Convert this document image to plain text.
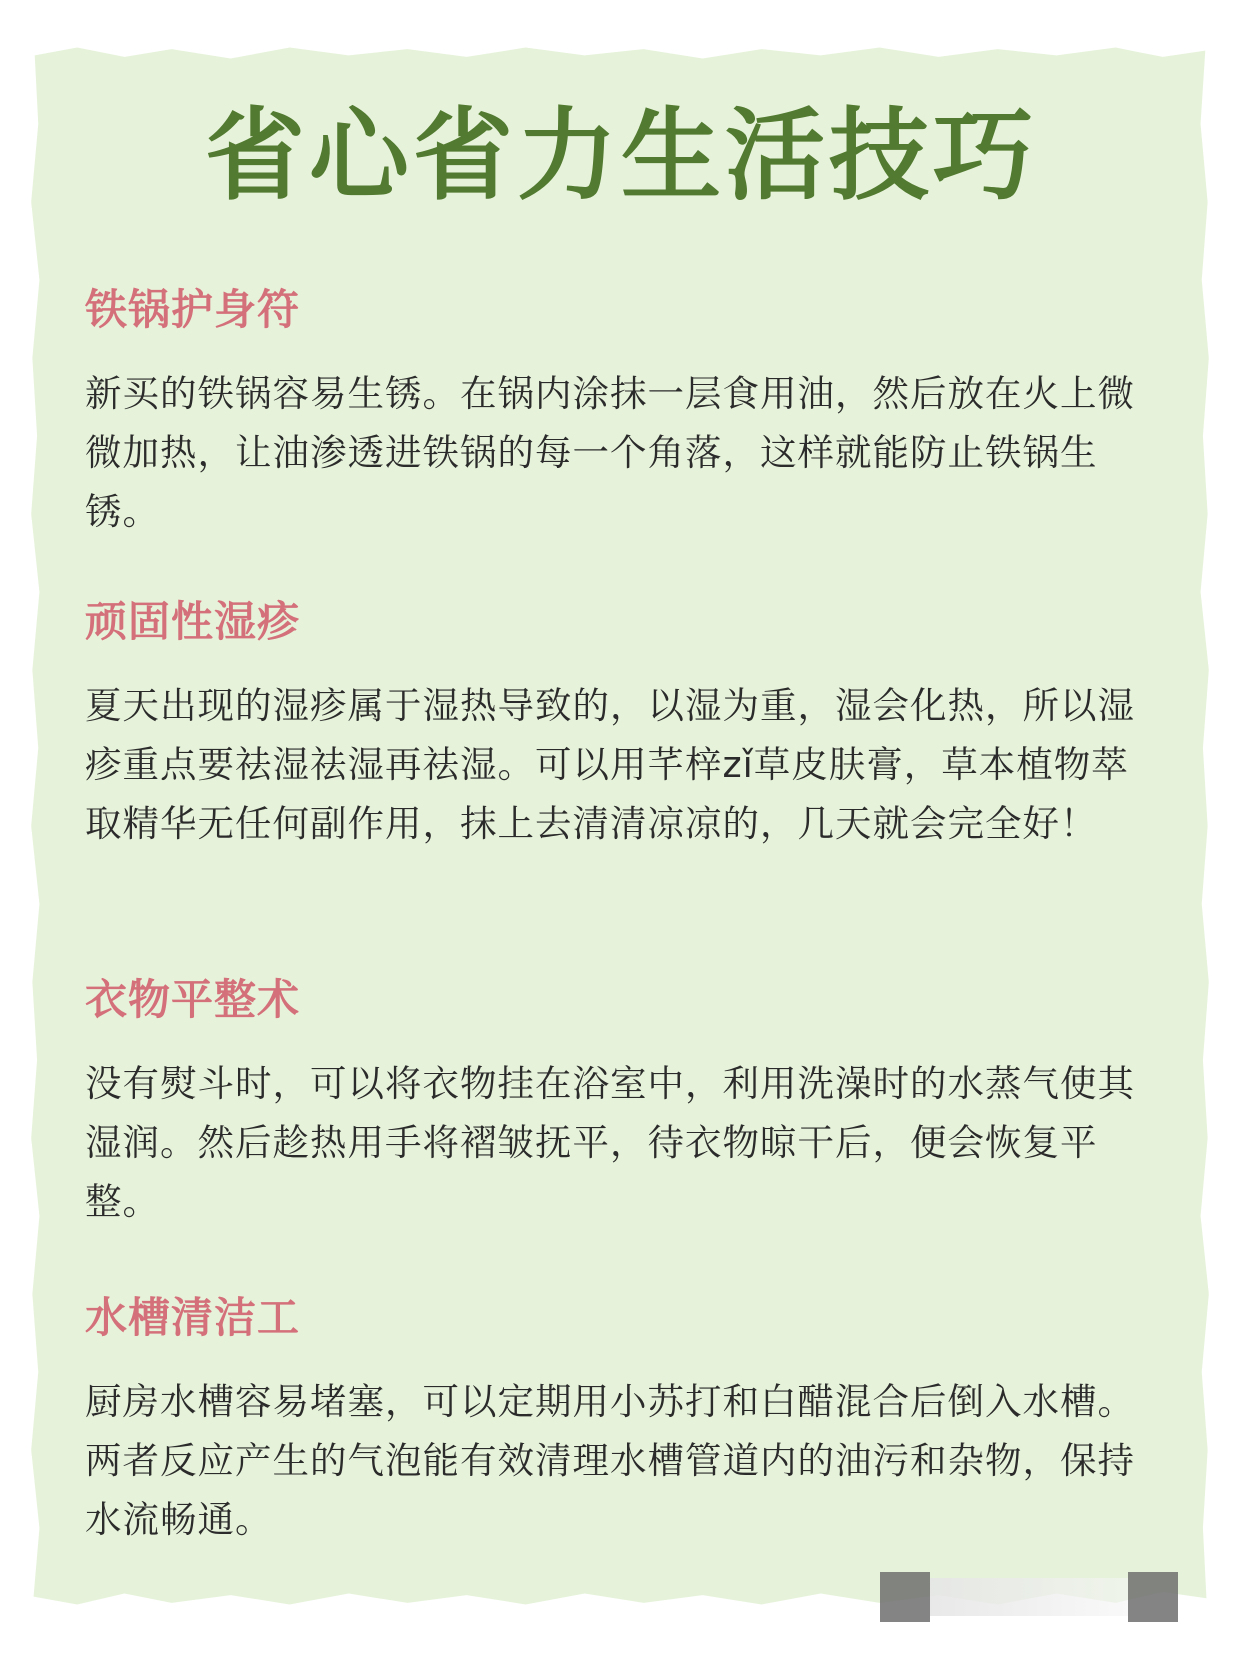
省心省力生活技巧
铁锅护身符

新买的铁锅容易生锈。在锅内涂抹一层食用油，然后放在火上微微加热，让油渗透进铁锅的每一个角落，这样就能防止铁锅生锈。

顽固性湿疹

夏天出现的湿疹属于湿热导致的，以湿为重，湿会化热，所以湿疹重点要祛湿祛湿再祛湿。可以用芊梓zǐ草皮肤膏，草本植物萃取精华无任何副作用，抹上去清清凉凉的，几天就会完全好！

衣物平整术

没有熨斗时，可以将衣物挂在浴室中，利用洗澡时的水蒸气使其湿润。然后趁热用手将褶皱抚平，待衣物晾干后，便会恢复平整。

水槽清洁工

厨房水槽容易堵塞，可以定期用小苏打和白醋混合后倒入水槽。两者反应产生的气泡能有效清理水槽管道内的油污和杂物，保持水流畅通。
